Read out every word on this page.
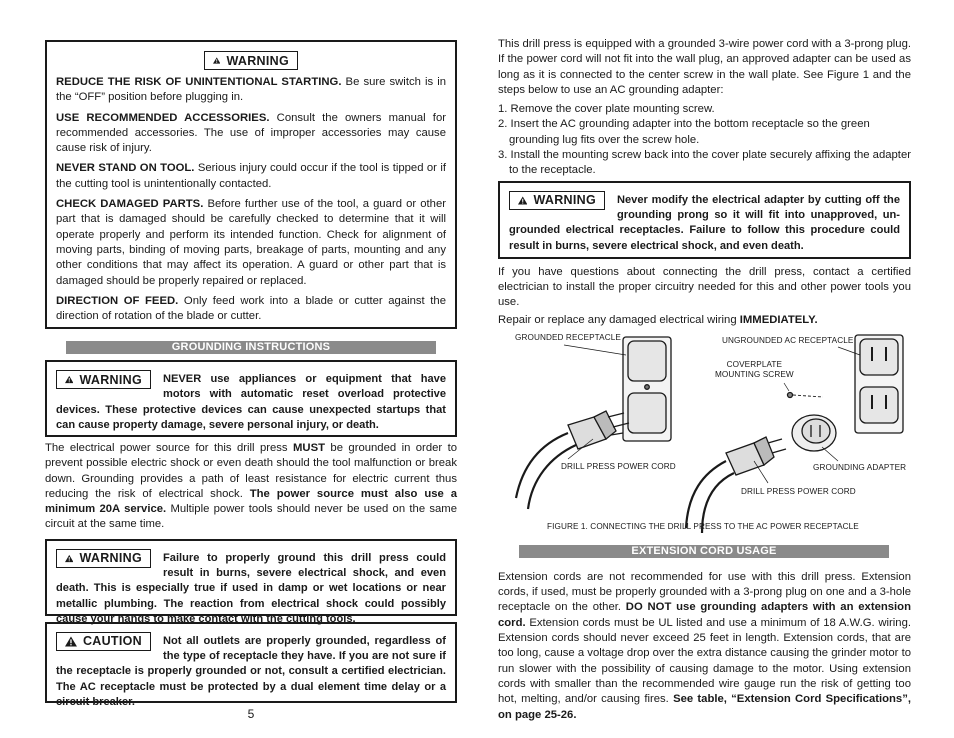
WARNING

REDUCE THE RISK OF UNINTENTIONAL STARTING. Be sure switch is in the “OFF” position before plugging in.

USE RECOMMENDED ACCESSORIES. Consult the owners manual for recommended accessories. The use of improper accessories may cause cause risk of injury.

NEVER STAND ON TOOL. Serious injury could occur if the tool is tipped or if the cutting tool is unintentionally contacted.

CHECK DAMAGED PARTS. Before further use of the tool, a guard or other part that is damaged should be carefully checked to determine that it will operate properly and perform its intended function. Check for alignment of moving parts, binding of moving parts, breakage of parts, mounting and any other conditions that may affect its operation. A guard or other part that is damaged should be properly repaired or replaced.

DIRECTION OF FEED. Only feed work into a blade or cutter against the direction of rotation of the blade or cutter.

GROUNDING INSTRUCTIONS
WARNING	NEVER use appliances or equipment that have motors with automatic reset overload protective devices. These protective devices can cause unexpected startups that can cause property damage, severe personal injury, or death.

The electrical power source for this drill press MUST be grounded in order to prevent possible electric shock or even death should the tool malfunction or break down. Grounding provides a path of least resistance for electric current thus reducing the risk of electrical shock. The power source must also use a minimum 20A service. Multiple power tools should never be used on the same circuit at the same time.

WARNING	Failure to properly ground this drill press could result in burns, severe electrical shock, and even death. This is especially true if used in damp or wet locations or near metallic plumbing. The reaction from electrical shock could possibly cause your hands to make contact with the cutting tools.

CAUTION	Not all outlets are properly grounded, regardless of the type of receptacle they have. If you are not sure if the receptacle is properly grounded or not, consult a certified electrician. The AC receptacle must be protected by a dual element time delay or a circuit breaker.

5

This drill press is equipped with a grounded 3-wire power cord with a 3-prong plug. If the power cord will not fit into the wall plug, an approved adapter can be used as long as it is connected to the center screw in the wall plate. See Figure 1 and the steps below to use an AC grounding adapter:

1. Remove the cover plate mounting screw.
2. Insert the AC grounding adapter into the bottom receptacle so the green grounding lug fits over the screw hole.
3. Install the mounting screw back into the cover plate securely affixing the adapter to the receptacle.
WARNING	Never modify the electrical adapter by cutting off the grounding prong so it will fit into unapproved, un-grounded electrical receptacles. Failure to follow this procedure could result in burns, severe electrical shock, and even death.

If you have questions about connecting the drill press, contact a certified electrician to install the proper circuitry needed for this and other power tools you use.

Repair or replace any damaged electrical wiring IMMEDIATELY.

GROUNDED RECEPTACLE	UNGROUNDED AC RECEPTACLE
COVERPLATE
MOUNTING SCREW
DRILL PRESS POWER CORD	GROUNDING ADAPTER
DRILL PRESS POWER CORD
FIGURE 1. CONNECTING THE DRILL PRESS TO THE AC POWER RECEPTACLE
EXTENSION CORD USAGE

Extension cords are not recommended for use with this drill press. Extension cords, if used, must be properly grounded with a 3-prong plug on one and a 3-hole receptacle on the other. DO NOT use grounding adapters with an extension cord. Extension cords must be UL listed and use a minimum of 18 A.W.G. wiring. Extension cords should never exceed 25 feet in length. Extension cords, that are too long, cause a voltage drop over the extra distance causing the grinder motor to run slower with the possibility of causing damage to the motor. Using extension cords with smaller than the recommended wire gauge run the risk of getting too hot, melting, and/or causing fires. See table, “Extension Cord Specifications”, on page 25-26.
